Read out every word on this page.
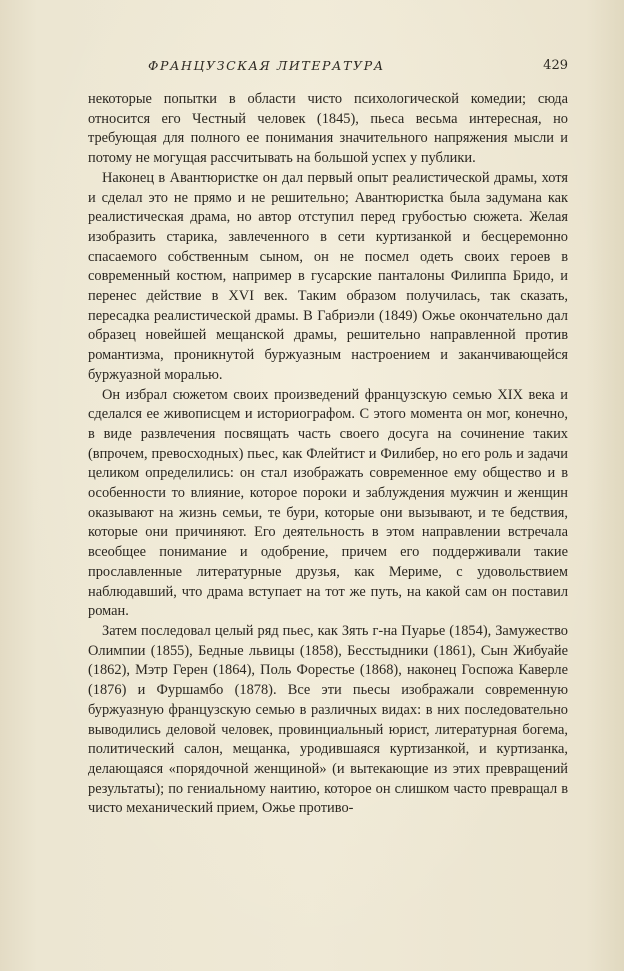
ФРАНЦУЗСКАЯ ЛИТЕРАТУРА	429

некоторые попытки в области чисто психологической комедии; сюда относится его Честный человек (1845), пьеса весьма интересная, но требующая для полного ее понимания значительного напряжения мысли и потому не могущая рассчитывать на большой успех у публики.

Наконец в Авантюристке он дал первый опыт реалистической драмы, хотя и сделал это не прямо и не решительно; Авантюристка была задумана как реалистическая драма, но автор отступил перед грубостью сюжета. Желая изобразить старика, завлеченного в сети куртизанкой и бесцеремонно спасаемого собственным сыном, он не посмел одеть своих героев в современный костюм, например в гусарские панталоны Филиппа Бридо, и перенес действие в XVI век. Таким образом получилась, так сказать, пересадка реалистической драмы. В Габриэли (1849) Ожье окончательно дал образец новейшей мещанской драмы, решительно направленной против романтизма, проникнутой буржуазным настроением и заканчивающейся буржуазной моралью.

Он избрал сюжетом своих произведений французскую семью XIX века и сделался ее живописцем и историографом. С этого момента он мог, конечно, в виде развлечения посвящать часть своего досуга на сочинение таких (впрочем, превосходных) пьес, как Флейтист и Филибер, но его роль и задачи целиком определились: он стал изображать современное ему общество и в особенности то влияние, которое пороки и заблуждения мужчин и женщин оказывают на жизнь семьи, те бури, которые они вызывают, и те бедствия, которые они причиняют. Его деятельность в этом направлении встречала всеобщее понимание и одобрение, причем его поддерживали такие прославленные литературные друзья, как Мериме, с удовольствием наблюдавший, что драма вступает на тот же путь, на какой сам он поставил роман.

Затем последовал целый ряд пьес, как Зять г-на Пуарье (1854), Замужество Олимпии (1855), Бедные львицы (1858), Бесстыдники (1861), Сын Жибуайе (1862), Мэтр Герен (1864), Поль Форестье (1868), наконец Госпожа Каверле (1876) и Фуршамбо (1878). Все эти пьесы изображали современную буржуазную французскую семью в различных видах: в них последовательно выводились деловой человек, провинциальный юрист, литературная богема, политический салон, мещанка, уродившаяся куртизанкой, и куртизанка, делающаяся «порядочной женщиной» (и вытекающие из этих превращений результаты); по гениальному наитию, которое он слишком часто превращал в чисто механический прием, Ожье противо-
